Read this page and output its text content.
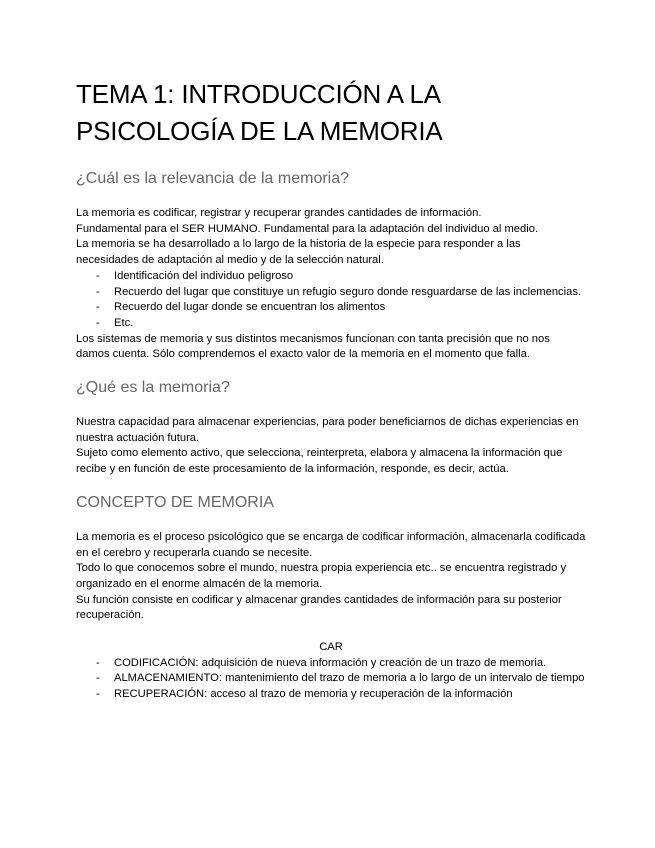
TEMA 1: INTRODUCCIÓN A LA
PSICOLOGÍA DE LA MEMORIA
¿Cuál es la relevancia de la memoria?

La memoria es codificar, registrar y recuperar grandes cantidades de información.

Fundamental para el SER HUMANO. Fundamental para la adaptación del individuo al medio.

La memoria se ha desarrollado a lo largo de la historia de la especie para responder a las necesidades de adaptación al medio y de la selección natural.

- Identificación del individuo peligroso
- Recuerdo del lugar que constituye un refugio seguro donde resguardarse de las inclemencias.
- Recuerdo del lugar donde se encuentran los alimentos
- Etc.

Los sistemas de memoria y sus distintos mecanismos funcionan con tanta precisión que no nos damos cuenta. Sólo comprendemos el exacto valor de la memoria en el momento que falla.

¿Qué es la memoria?

Nuestra capacidad para almacenar experiencias, para poder beneficiarnos de dichas experiencias en nuestra actuación futura.

Sujeto como elemento activo, que selecciona, reinterpreta, elabora y almacena la información que recibe y en función de este procesamiento de la información, responde, es decir, actúa.

CONCEPTO DE MEMORIA

La memoria es el proceso psicológico que se encarga de codificar información, almacenarla codificada en el cerebro y recuperarla cuando se necesite.

Todo lo que conocemos sobre el mundo, nuestra propia experiencia etc.. se encuentra registrado y organizado en el enorme almacén de la memoria.

Su función consiste en codificar y almacenar grandes cantidades de información para su posterior recuperación.

CAR

- CODIFICACIÓN: adquisición de nueva información y creación de un trazo de memoria.
- ALMACENAMIENTO: mantenimiento del trazo de memoria a lo largo de un intervalo de tiempo
- RECUPERACIÓN: acceso al trazo de memoria y recuperación de la información
